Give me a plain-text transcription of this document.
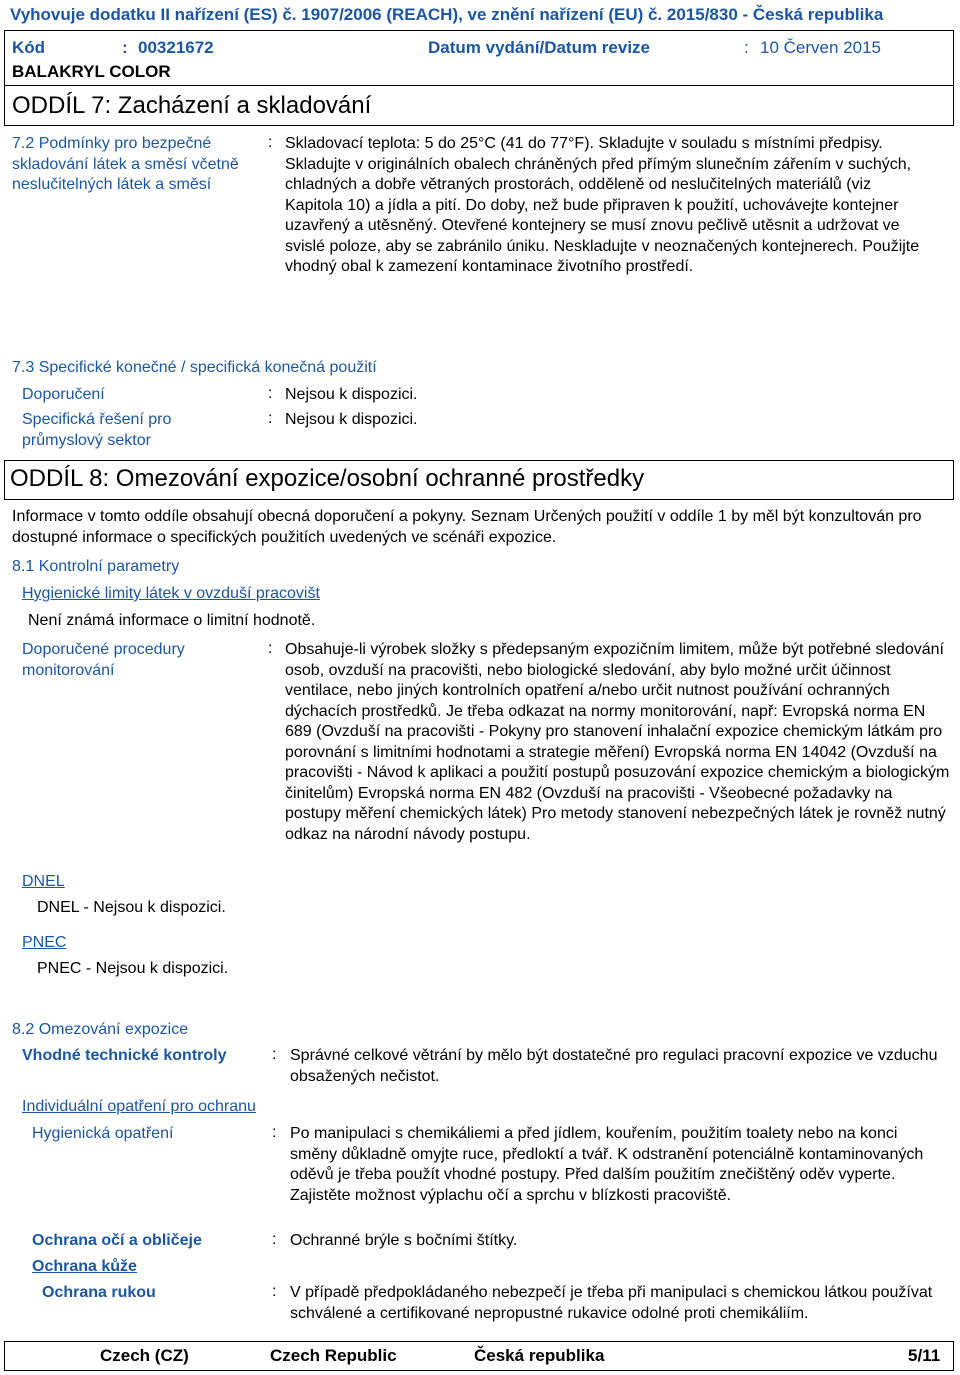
Vyhovuje dodatku II nařízení (ES) č. 1907/2006 (REACH), ve znění nařízení (EU) č. 2015/830 - Česká republika
Kód	: 00321672	Datum vydání/Datum revize	: 10 Červen 2015
BALAKRYL COLOR
ODDÍL 7: Zacházení a skladování
7.2 Podmínky pro bezpečné skladování látek a směsí včetně neslučitelných látek a směsí
: Skladovací teplota: 5 do 25°C (41 do 77°F). Skladujte v souladu s místními předpisy. Skladujte v originálních obalech chráněných před přímým slunečním zářením v suchých, chladných a dobře větraných prostorách, odděleně od neslučitelných materiálů (viz Kapitola 10) a jídla a pití. Do doby, než bude připraven k použití, uchovávejte kontejner uzavřený a utěsněný. Otevřené kontejnery se musí znovu pečlivě utěsnit a udržovat ve svislé poloze, aby se zabránilo úniku. Neskladujte v neoznačených kontejnerech. Použijte vhodný obal k zamezení kontaminace životního prostředí.
7.3 Specifické konečné / specifická konečná použití
Doporučení	: Nejsou k dispozici.
Specifická řešení pro průmyslový sektor
: Nejsou k dispozici.
ODDÍL 8: Omezování expozice/osobní ochranné prostředky
Informace v tomto oddíle obsahují obecná doporučení a pokyny. Seznam Určených použití v oddíle 1 by měl být konzultován pro dostupné informace o specifických použitích uvedených ve scénáři expozice.
8.1 Kontrolní parametry
Hygienické limity látek v ovzduší pracovišt
Není známá informace o limitní hodnotě.
Doporučené procedury monitorování
: Obsahuje-li výrobek složky s předepsaným expozičním limitem, může být potřebné sledování osob, ovzduší na pracovišti, nebo biologické sledování, aby bylo možné určit účinnost ventilace, nebo jiných kontrolních opatření a/nebo určit nutnost používání ochranných dýchacích prostředků. Je třeba odkazat na normy monitorování, např: Evropská norma EN 689 (Ovzduší na pracovišti - Pokyny pro stanovení inhalační expozice chemickým látkám pro porovnání s limitními hodnotami a strategie měření) Evropská norma EN 14042 (Ovzduší na pracovišti - Návod k aplikaci a použití postupů posuzování expozice chemickým a biologickým činitelům) Evropská norma EN 482 (Ovzduší na pracovišti - Všeobecné požadavky na postupy měření chemických látek) Pro metody stanovení nebezpečných látek je rovněž nutný odkaz na národní návody postupu.
DNEL
DNEL - Nejsou k dispozici.
PNEC
PNEC - Nejsou k dispozici.
8.2 Omezování expozice
Vhodné technické kontroly	: Správné celkové větrání by mělo být dostatečné pro regulaci pracovní expozice ve vzduchu obsažených nečistot.
Individuální opatření pro ochranu
Hygienická opatření	: Po manipulaci s chemikáliemi a před jídlem, kouřením, použitím toalety nebo na konci směny důkladně omyjte ruce, předloktí a tvář. K odstranění potenciálně kontaminovaných oděvů je třeba použít vhodné postupy. Před dalším použitím znečištěný oděv vyperte. Zajistěte možnost výplachu očí a sprchu v blízkosti pracoviště.
Ochrana očí a obličeje	: Ochranné brýle s bočními štítky.
Ochrana kůže
Ochrana rukou	: V případě předpokládaného nebezpečí je třeba při manipulaci s chemickou látkou používat schválené a certifikované nepropustné rukavice odolné proti chemikáliím.
Czech (CZ)	Czech Republic	Česká republika	5/11
